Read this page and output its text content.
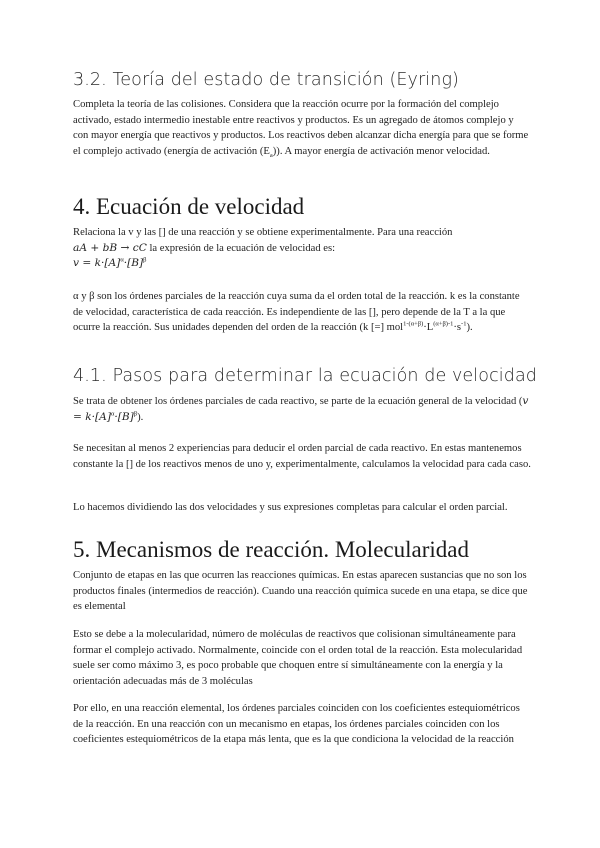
3.2. Teoría del estado de transición (Eyring)

Completa la teoría de las colisiones. Considera que la reacción ocurre por la formación del complejo activado, estado intermedio inestable entre reactivos y productos. Es un agregado de átomos complejo y con mayor energía que reactivos y productos. Los reactivos deben alcanzar dicha energía para que se forme el complejo activado (energía de activación $(E_a)$). A mayor energía de activación menor velocidad.

4. Ecuación de velocidad

Relaciona la v y las [] de una reacción y se obtiene experimentalmente. Para una reacción
aA + bB → cC la expresión de la ecuación de velocidad es:
$v = k\cdot[A]^\alpha\cdot[B]^\beta$

α y β son los órdenes parciales de la reacción cuya suma da el orden total de la reacción. k es la constante de velocidad, característica de cada reacción. Es independiente de las [], pero depende de la T a la que ocurre la reacción. Sus unidades dependen del orden de la reacción (k [=] $mol^{1-(\alpha+\beta)}\cdot L^{(\alpha+\beta)-1}\cdot s^{-1}$).

4.1. Pasos para determinar la ecuación de velocidad

Se trata de obtener los órdenes parciales de cada reactivo, se parte de la ecuación general de la velocidad $(v = k\cdot[A]^\alpha\cdot[B]^\beta)$.

Se necesitan al menos 2 experiencias para deducir el orden parcial de cada reactivo. En estas mantenemos constante la [] de los reactivos menos de uno y, experimentalmente, calculamos la velocidad para cada caso.

Lo hacemos dividiendo las dos velocidades y sus expresiones completas para calcular el orden parcial.

5. Mecanismos de reacción. Molecularidad

Conjunto de etapas en las que ocurren las reacciones químicas. En estas aparecen sustancias que no son los productos finales (intermedios de reacción). Cuando una reacción química sucede en una etapa, se dice que es elemental

Esto se debe a la molecularidad, número de moléculas de reactivos que colisionan simultáneamente para formar el complejo activado. Normalmente, coincide con el orden total de la reacción. Esta molecularidad suele ser como máximo 3, es poco probable que choquen entre sí simultáneamente con la energía y la orientación adecuadas más de 3 moléculas

Por ello, en una reacción elemental, los órdenes parciales coinciden con los coeficientes estequiométricos de la reacción. En una reacción con un mecanismo en etapas, los órdenes parciales coinciden con los coeficientes estequiométricos de la etapa más lenta, que es la que condiciona la velocidad de la reacción
